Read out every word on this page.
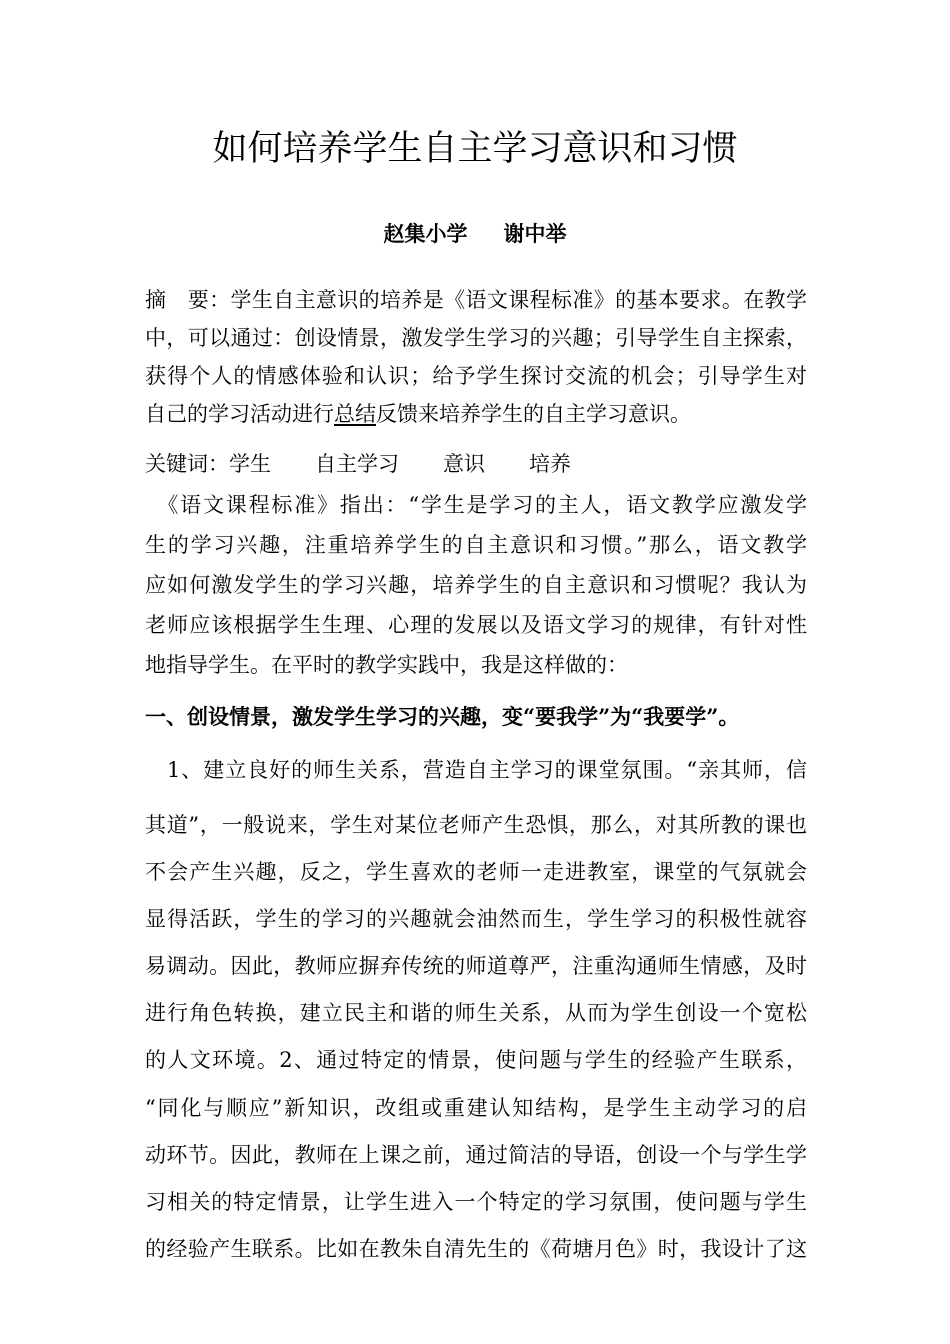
如何培养学生自主学习意识和习惯
赵集小学 谢中举
摘　要：学生自主意识的培养是《语文课程标准》的基本要求。在教学
中，可以通过：创设情景，激发学生学习的兴趣；引导学生自主探索，
获得个人的情感体验和认识；给予学生探讨交流的机会；引导学生对
自己的学习活动进行总结反馈来培养学生的自主学习意识。
关键词：学生 自主学习 意识 培养
　《语文课程标准》指出：“学生是学习的主人，语文教学应激发学
生的学习兴趣，注重培养学生的自主意识和习惯。”那么，语文教学
应如何激发学生的学习兴趣，培养学生的自主意识和习惯呢？我认为
老师应该根据学生生理、心理的发展以及语文学习的规律，有针对性
地指导学生。在平时的教学实践中，我是这样做的：
一、创设情景，激发学生学习的兴趣，变“要我学”为“我要学”。
　1、建立良好的师生关系，营造自主学习的课堂氛围。“亲其师，信
其道”，一般说来，学生对某位老师产生恐惧，那么，对其所教的课也
不会产生兴趣，反之，学生喜欢的老师一走进教室，课堂的气氛就会
显得活跃，学生的学习的兴趣就会油然而生，学生学习的积极性就容
易调动。因此，教师应摒弃传统的师道尊严，注重沟通师生情感，及时
进行角色转换，建立民主和谐的师生关系，从而为学生创设一个宽松
的人文环境。2、通过特定的情景，使问题与学生的经验产生联系，
“同化与顺应”新知识，改组或重建认知结构，是学生主动学习的启
动环节。因此，教师在上课之前，通过简洁的导语，创设一个与学生学
习相关的特定情景，让学生进入一个特定的学习氛围，使问题与学生
的经验产生联系。比如在教朱自清先生的《荷塘月色》时，我设计了这
